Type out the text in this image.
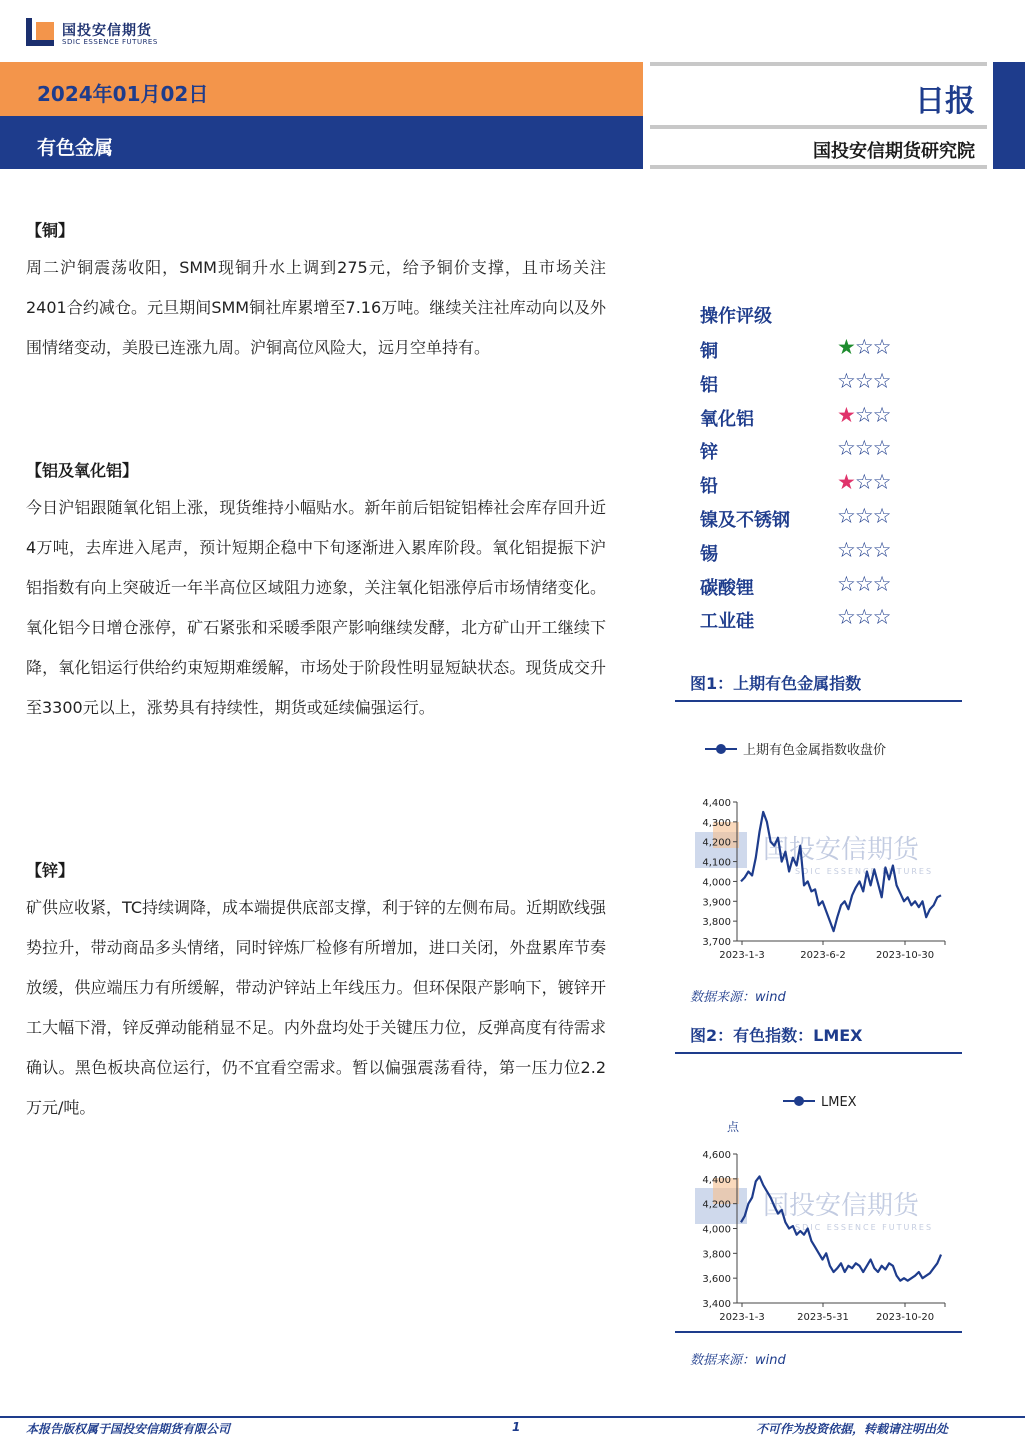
国投安信期货
SDIC ESSENCE FUTURES
2024年01月02日
有色金属
日报
国投安信期货研究院
【铜】
周二沪铜震荡收阳，SMM现铜升水上调到275元，给予铜价支撑，且市场关注2401合约减仓。元旦期间SMM铜社库累增至7.16万吨。继续关注社库动向以及外围情绪变动，美股已连涨九周。沪铜高位风险大，远月空单持有。
【铝及氧化铝】
今日沪铝跟随氧化铝上涨，现货维持小幅贴水。新年前后铝锭铝棒社会库存回升近4万吨，去库进入尾声，预计短期企稳中下旬逐渐进入累库阶段。氧化铝提振下沪铝指数有向上突破近一年半高位区域阻力迹象，关注氧化铝涨停后市场情绪变化。氧化铝今日增仓涨停，矿石紧张和采暖季限产影响继续发酵，北方矿山开工继续下降，氧化铝运行供给约束短期难缓解，市场处于阶段性明显短缺状态。现货成交升至3300元以上，涨势具有持续性，期货或延续偏强运行。
【锌】
矿供应收紧，TC持续调降，成本端提供底部支撑，利于锌的左侧布局。近期欧线强势拉升，带动商品多头情绪，同时锌炼厂检修有所增加，进口关闭，外盘累库节奏放缓，供应端压力有所缓解，带动沪锌站上年线压力。但环保限产影响下，镀锌开工大幅下滑，锌反弹动能稍显不足。内外盘均处于关键压力位，反弹高度有待需求确认。黑色板块高位运行，仍不宜看空需求。暂以偏强震荡看待，第一压力位2.2万元/吨。
操作评级
铜	★☆☆
铝	☆☆☆
氧化铝	★☆☆
锌	☆☆☆
铅	★☆☆
镍及不锈钢 ☆☆☆
锡	☆☆☆
碳酸锂	☆☆☆
工业硅	☆☆☆
图1：上期有色金属指数
上期有色金属指数收盘价
国投安信期货
SDIC ESSENCE FUTURES
3,700
3,800
3,900
4,000
4,100
4,200
4,300
4,400
2023-1-3	2023-6-2	2023-10-30
数据来源：wind
图2：有色指数：LMEX
LMEX
点
国投安信期货
SDIC ESSENCE FUTURES
3,400
3,600
3,800
4,000
4,200
4,400
4,600
2023-1-3	2023-5-31	2023-10-20
数据来源：wind
本报告版权属于国投安信期货有限公司	1	不可作为投资依据，转载请注明出处
